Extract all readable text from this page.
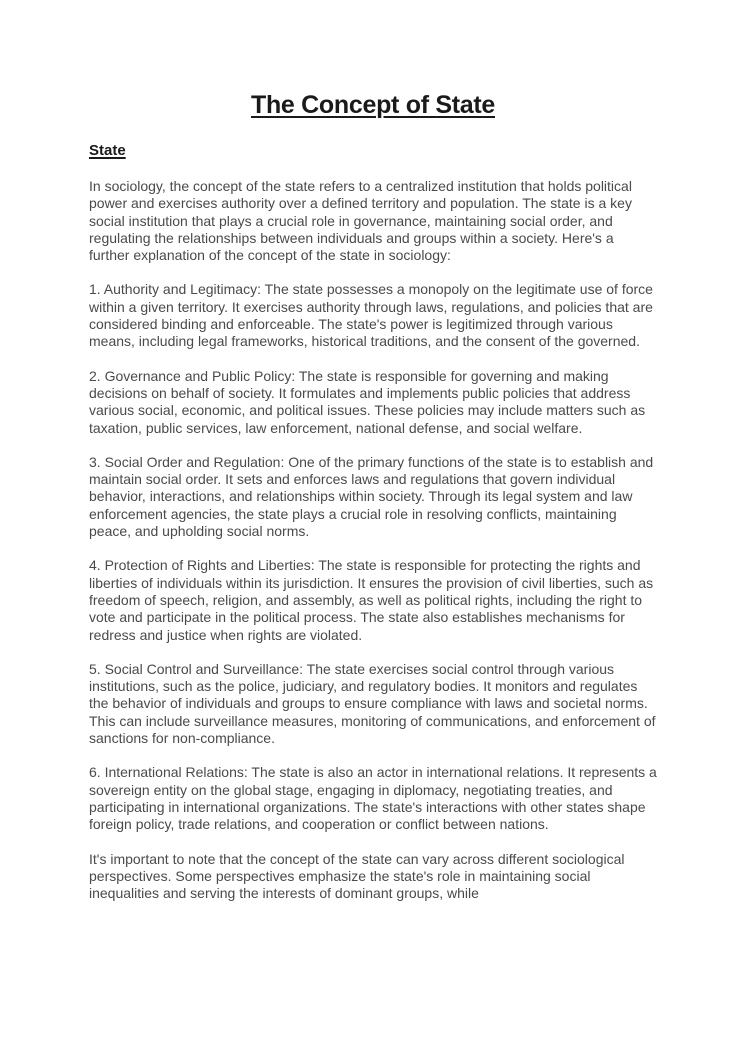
The Concept of State
State

In sociology, the concept of the state refers to a centralized institution that holds political power and exercises authority over a defined territory and population. The state is a key social institution that plays a crucial role in governance, maintaining social order, and regulating the relationships between individuals and groups within a society. Here's a further explanation of the concept of the state in sociology:

1. Authority and Legitimacy: The state possesses a monopoly on the legitimate use of force within a given territory. It exercises authority through laws, regulations, and policies that are considered binding and enforceable. The state's power is legitimized through various means, including legal frameworks, historical traditions, and the consent of the governed.

2. Governance and Public Policy: The state is responsible for governing and making decisions on behalf of society. It formulates and implements public policies that address various social, economic, and political issues. These policies may include matters such as taxation, public services, law enforcement, national defense, and social welfare.

3. Social Order and Regulation: One of the primary functions of the state is to establish and maintain social order. It sets and enforces laws and regulations that govern individual behavior, interactions, and relationships within society. Through its legal system and law enforcement agencies, the state plays a crucial role in resolving conflicts, maintaining peace, and upholding social norms.

4. Protection of Rights and Liberties: The state is responsible for protecting the rights and liberties of individuals within its jurisdiction. It ensures the provision of civil liberties, such as freedom of speech, religion, and assembly, as well as political rights, including the right to vote and participate in the political process. The state also establishes mechanisms for redress and justice when rights are violated.

5. Social Control and Surveillance: The state exercises social control through various institutions, such as the police, judiciary, and regulatory bodies. It monitors and regulates the behavior of individuals and groups to ensure compliance with laws and societal norms. This can include surveillance measures, monitoring of communications, and enforcement of sanctions for non-compliance.

6. International Relations: The state is also an actor in international relations. It represents a sovereign entity on the global stage, engaging in diplomacy, negotiating treaties, and participating in international organizations. The state's interactions with other states shape foreign policy, trade relations, and cooperation or conflict between nations.

It's important to note that the concept of the state can vary across different sociological perspectives. Some perspectives emphasize the state's role in maintaining social inequalities and serving the interests of dominant groups, while
